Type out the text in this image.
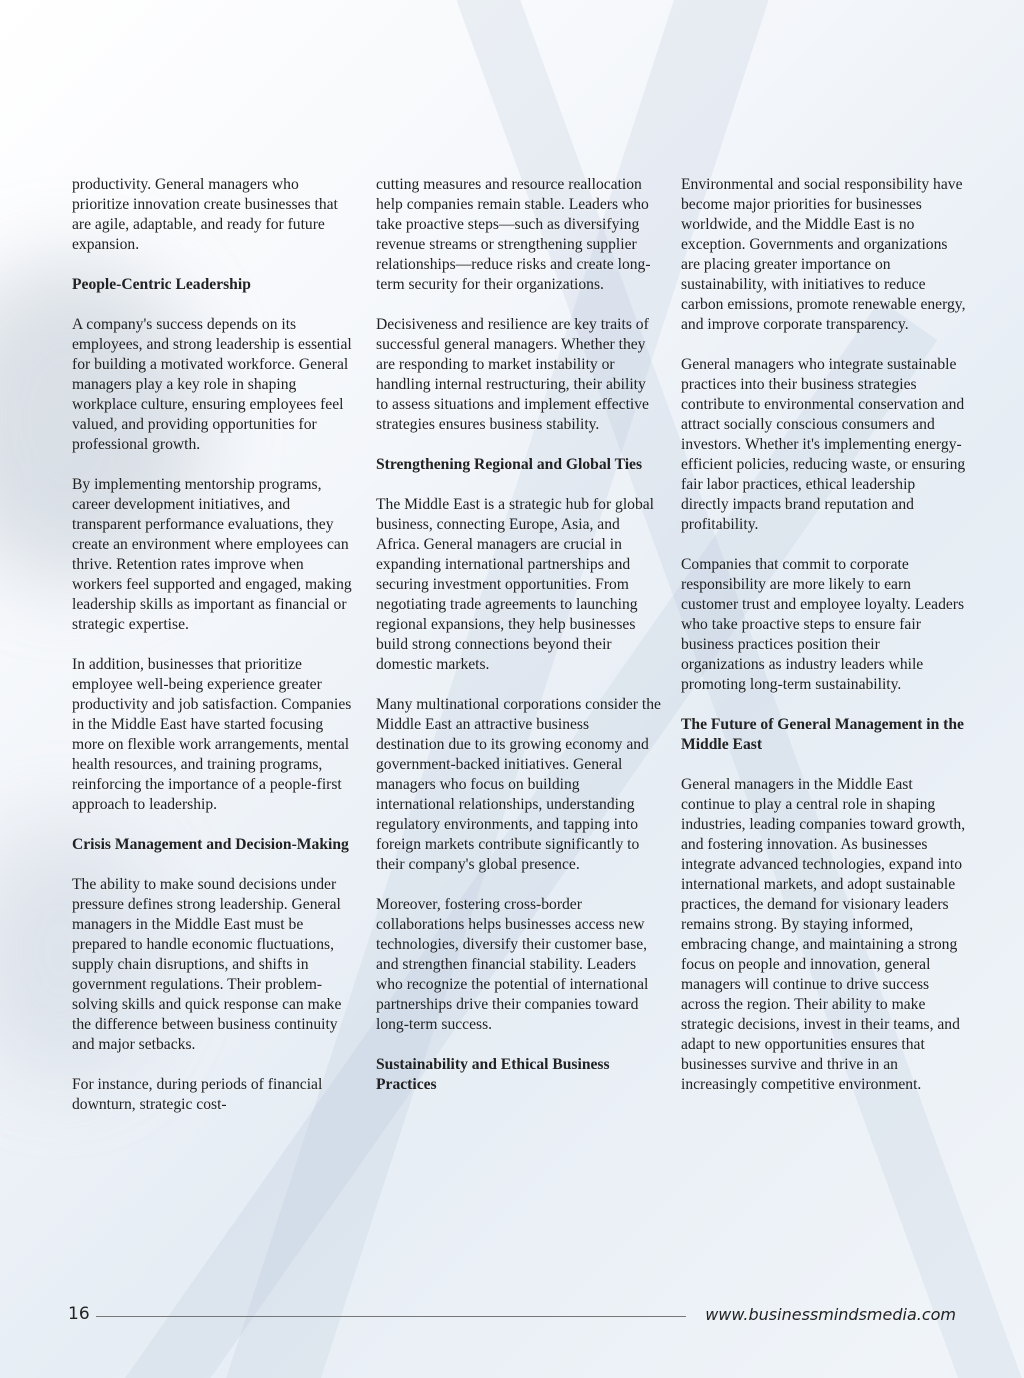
productivity. General managers who prioritize innovation create businesses that are agile, adaptable, and ready for future expansion.

People-Centric Leadership

A company's success depends on its employees, and strong leadership is essential for building a motivated workforce. General managers play a key role in shaping workplace culture, ensuring employees feel valued, and providing opportunities for professional growth.

By implementing mentorship programs, career development initiatives, and transparent performance evaluations, they create an environment where employees can thrive. Retention rates improve when workers feel supported and engaged, making leadership skills as important as financial or strategic expertise.

In addition, businesses that prioritize employee well-being experience greater productivity and job satisfaction. Companies in the Middle East have started focusing more on flexible work arrangements, mental health resources, and training programs, reinforcing the importance of a people-first approach to leadership.

Crisis Management and Decision-Making

The ability to make sound decisions under pressure defines strong leadership. General managers in the Middle East must be prepared to handle economic fluctuations, supply chain disruptions, and shifts in government regulations. Their problem-solving skills and quick response can make the difference between business continuity and major setbacks.

For instance, during periods of financial downturn, strategic cost-

cutting measures and resource reallocation help companies remain stable. Leaders who take proactive steps—such as diversifying revenue streams or strengthening supplier relationships—reduce risks and create long-term security for their organizations.

Decisiveness and resilience are key traits of successful general managers. Whether they are responding to market instability or handling internal restructuring, their ability to assess situations and implement effective strategies ensures business stability.

Strengthening Regional and Global Ties

The Middle East is a strategic hub for global business, connecting Europe, Asia, and Africa. General managers are crucial in expanding international partnerships and securing investment opportunities. From negotiating trade agreements to launching regional expansions, they help businesses build strong connections beyond their domestic markets.

Many multinational corporations consider the Middle East an attractive business destination due to its growing economy and government-backed initiatives. General managers who focus on building international relationships, understanding regulatory environments, and tapping into foreign markets contribute significantly to their company's global presence.

Moreover, fostering cross-border collaborations helps businesses access new technologies, diversify their customer base, and strengthen financial stability. Leaders who recognize the potential of international partnerships drive their companies toward long-term success.

Sustainability and Ethical Business Practices

Environmental and social responsibility have become major priorities for businesses worldwide, and the Middle East is no exception. Governments and organizations are placing greater importance on sustainability, with initiatives to reduce carbon emissions, promote renewable energy, and improve corporate transparency.

General managers who integrate sustainable practices into their business strategies contribute to environmental conservation and attract socially conscious consumers and investors. Whether it's implementing energy-efficient policies, reducing waste, or ensuring fair labor practices, ethical leadership directly impacts brand reputation and profitability.

Companies that commit to corporate responsibility are more likely to earn customer trust and employee loyalty. Leaders who take proactive steps to ensure fair business practices position their organizations as industry leaders while promoting long-term sustainability.

The Future of General Management in the Middle East

General managers in the Middle East continue to play a central role in shaping industries, leading companies toward growth, and fostering innovation. As businesses integrate advanced technologies, expand into international markets, and adopt sustainable practices, the demand for visionary leaders remains strong. By staying informed, embracing change, and maintaining a strong focus on people and innovation, general managers will continue to drive success across the region. Their ability to make strategic decisions, invest in their teams, and adapt to new opportunities ensures that businesses survive and thrive in an increasingly competitive environment.

16	www.businessmindsmedia.com
